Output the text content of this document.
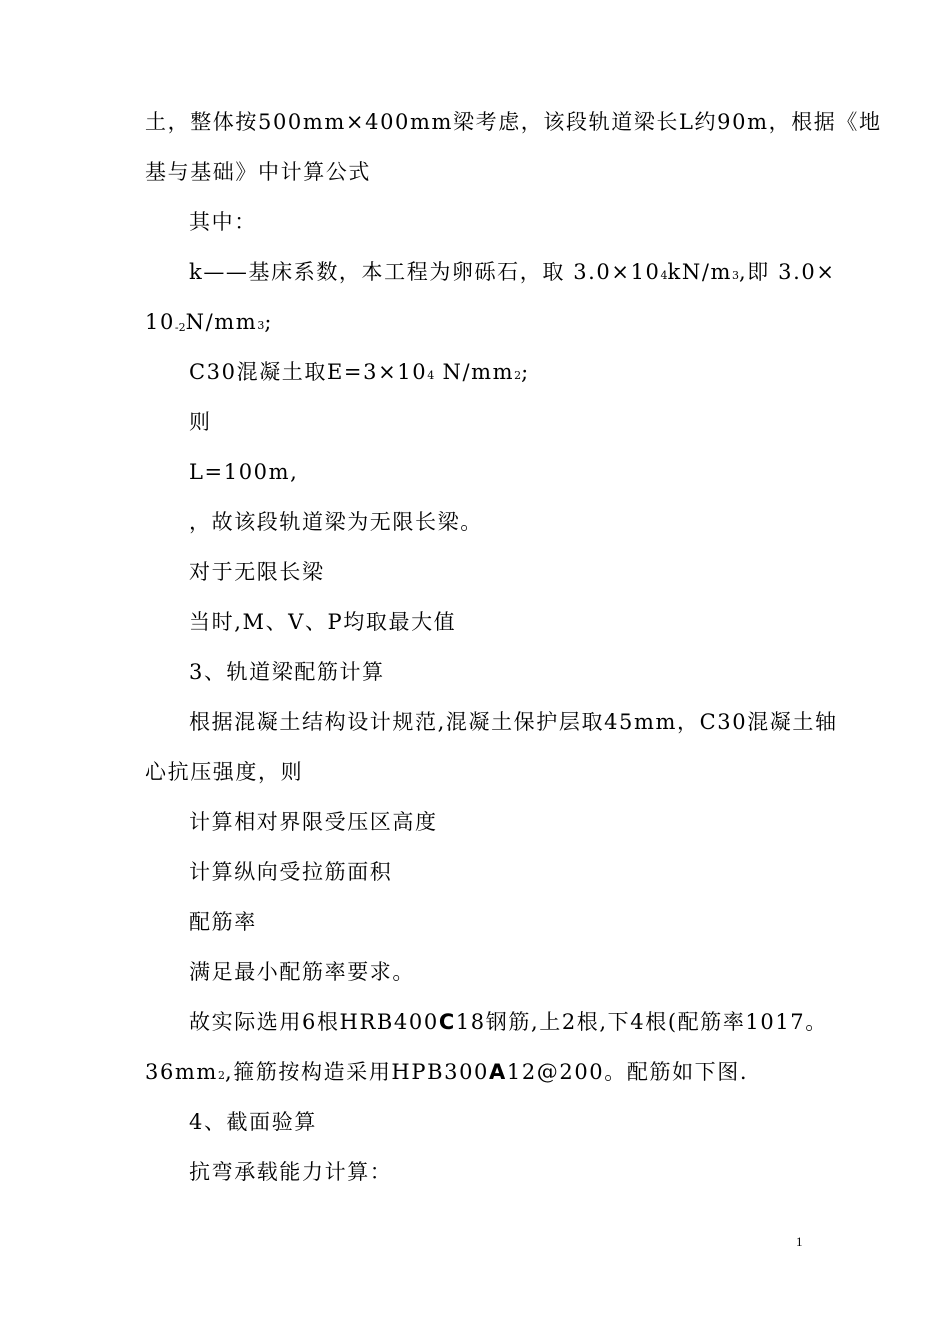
土，整体按500mm×400mm梁考虑，该段轨道梁长L约90m，根据《地
基与基础》中计算公式
其中：
k——基床系数，本工程为卵砾石，取 3.0×104kN/m3,即 3.0×
10-2N/mm3;
C30混凝土取E=3×104 N/mm2;
则
L=100m,
，故该段轨道梁为无限长梁。
对于无限长梁
当时,M、V、P均取最大值
3、轨道梁配筋计算
根据混凝土结构设计规范,混凝土保护层取45mm，C30混凝土轴
心抗压强度，则
计算相对界限受压区高度
计算纵向受拉筋面积
配筋率
满足最小配筋率要求。
故实际选用6根HRB400C18钢筋,上2根,下4根(配筋率1017。
36mm2,箍筋按构造采用HPB300A12@200。配筋如下图.
4、截面验算
抗弯承载能力计算：
1
